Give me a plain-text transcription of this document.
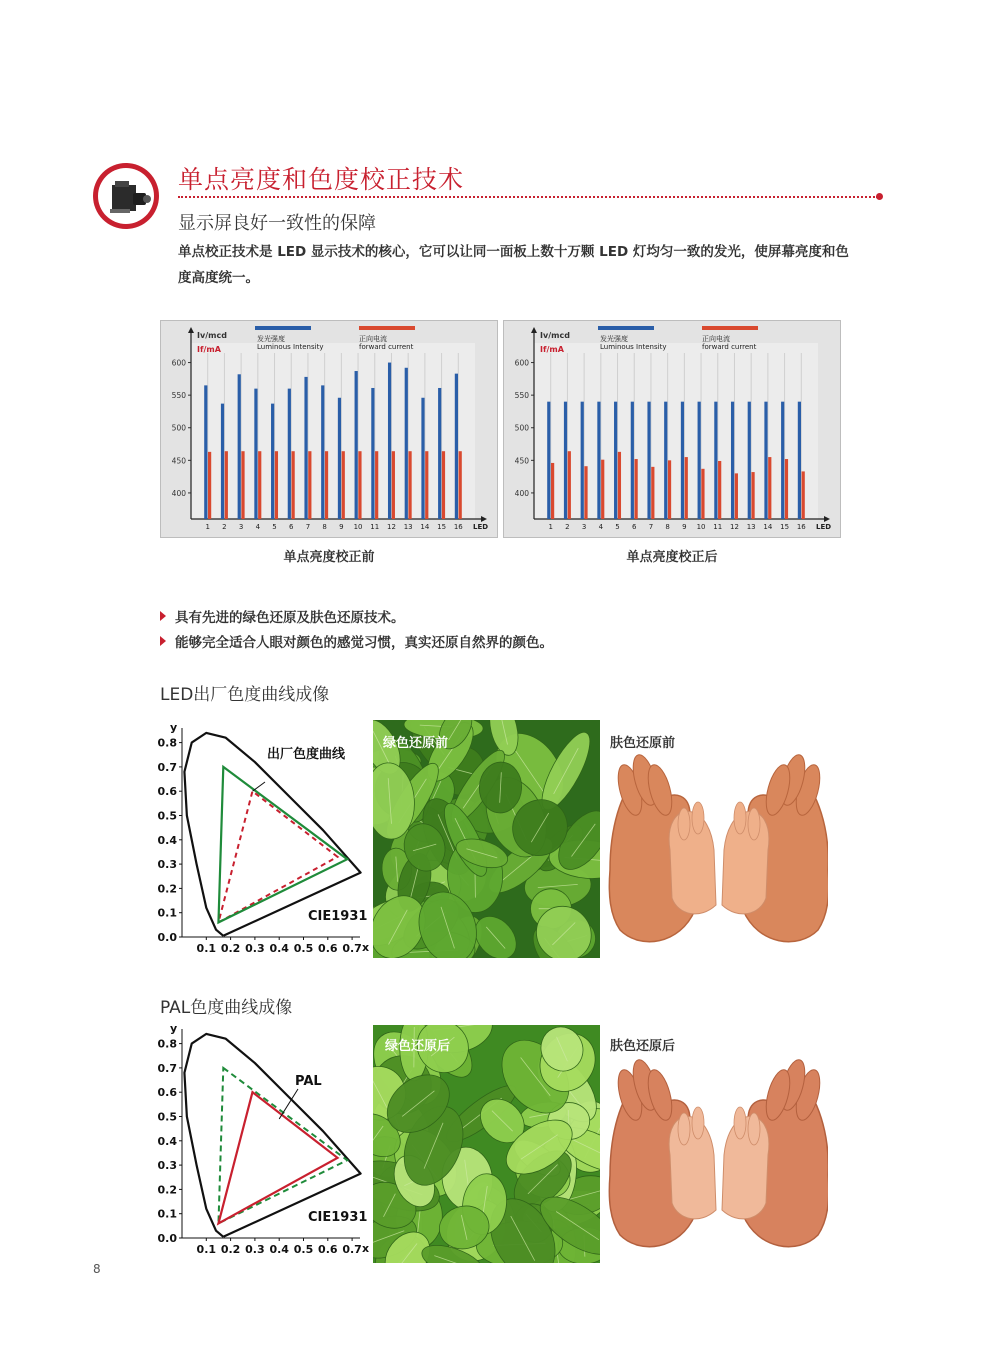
单点亮度和色度校正技术
显示屏良好一致性的保障
单点校正技术是 LED 显示技术的核心，它可以让同一面板上数十万颗 LED 灯均匀一致的发光，使屏幕亮度和色度高度统一。
400
450
500
550
600
Iv/mcd
If/mA
LED
发光强度
Luminous Intensity
正向电流
forward current
1 2 3 4 5 6 7 8 9 10 11 12 13 14 15 16
400
450
500
550
600
Iv/mcd
If/mA
LED
发光强度
Luminous Intensity
正向电流
forward current
1 2 3 4 5 6 7 8 9 10 11 12 13 14 15 16
单点亮度校正前	单点亮度校正后
具有先进的绿色还原及肤色还原技术。
能够完全适合人眼对颜色的感觉习惯，真实还原自然界的颜色。
LED出厂色度曲线成像
y
x
0.8
0.7
0.6
0.5
0.4
0.3
0.2
0.1
0.0
0.1 0.2 0.3 0.4 0.5 0.6 0.7
出厂色度曲线
CIE1931
绿色还原前	肤色还原前
PAL色度曲线成像
y
x
0.8
0.7
0.6
0.5
0.4
0.3
0.2
0.1
0.0
0.1 0.2 0.3 0.4 0.5 0.6 0.7
PAL
CIE1931
绿色还原后	肤色还原后
8
